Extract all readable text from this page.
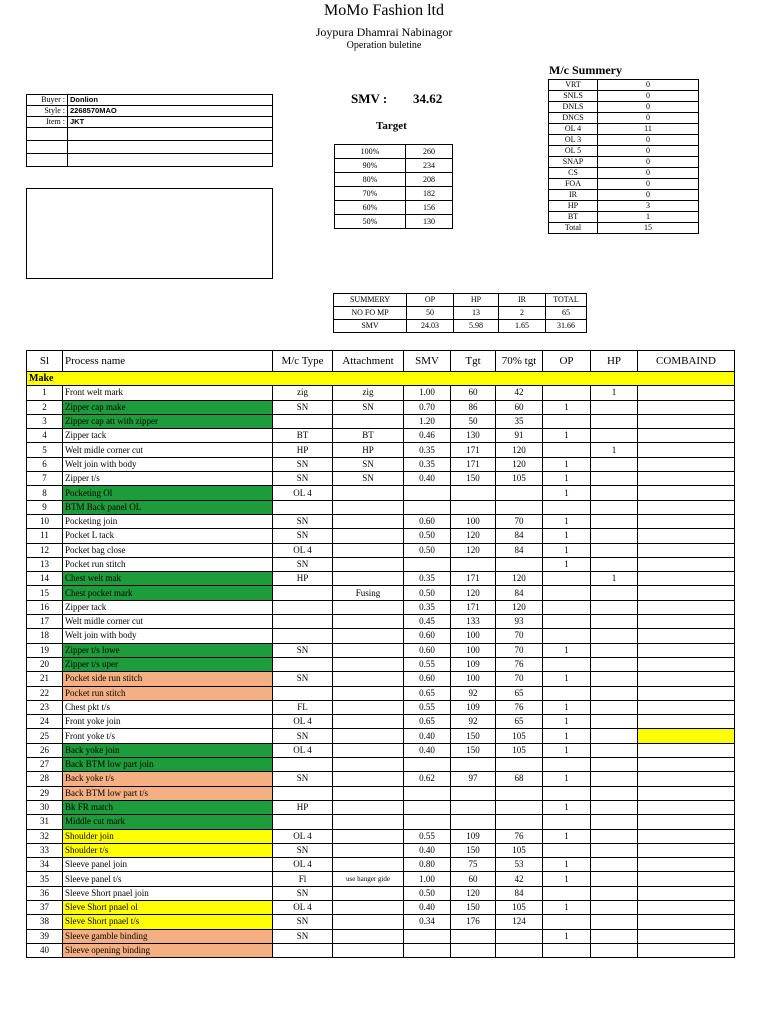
MoMo Fashion ltd
Joypura Dhamrai Nabinagor
Operation buletine
Buyer :	Donlion
Style :	2268570MAO
Item :	JKT

SMV : 34.62
Target
100%	260
90%	234
80%	208
70%	182
60%	156
50%	130
M/c Summery
VRT	0
SNLS	0
DNLS	0
DNCS	0
OL 4	11
OL 3	0
OL 5	0
SNAP	0
CS	0
FOA	0
IR	0
HP	3
BT	1
Total	15
SUMMERY	OP	HP	IR	TOTAL
NO FO MP	50	13	2	65
SMV	24.03	5.98	1.65	31.66
Sl	Process name	M/c Type	Attachment	SMV	Tgt	70% tgt	OP	HP	COMBAIND
Make									
1	Front welt mark	zig	zig	1.00	60	42		1	
2	Zipper cap make	SN	SN	0.70	86	60	1		
3	Zipper cap att with zipper			1.20	50	35			
4	Zipper tack	BT	BT	0.46	130	91	1		
5	Welt midle corner cut	HP	HP	0.35	171	120		1	
6	Welt join with body	SN	SN	0.35	171	120	1		
7	Zipper t/s	SN	SN	0.40	150	105	1		
8	Pocketing Ol	OL 4					1		
9	BTM Back panel OL								
10	Pocketing join	SN		0.60	100	70	1		
11	Pocket L tack	SN		0.50	120	84	1		
12	Pocket bag close	OL 4		0.50	120	84	1		
13	Pocket run stitch	SN					1		
14	Chest welt mak	HP		0.35	171	120		1	
15	Chest pocket mark		Fusing	0.50	120	84			
16	Zipper tack			0.35	171	120			
17	Welt midle corner cut			0.45	133	93			
18	Welt join with body			0.60	100	70			
19	Zipper t/s lowe	SN		0.60	100	70	1		
20	Zipper t/s uper			0.55	109	76			
21	Pocket side run stitch	SN		0.60	100	70	1		
22	Pocket run stitch			0.65	92	65			
23	Chest pkt t/s	FL		0.55	109	76	1		
24	Front yoke join	OL 4		0.65	92	65	1		
25	Front yoke t/s	SN		0.40	150	105	1		
26	Back yoke join	OL 4		0.40	150	105	1		
27	Back BTM low part join								
28	Back yoke t/s	SN		0.62	97	68	1		
29	Back BTM low part t/s								
30	Bk FR match	HP					1		
31	Middle cut mark								
32	Shoulder join	OL 4		0.55	109	76	1		
33	Shoulder t/s	SN		0.40	150	105			
34	Sleeve panel join	OL 4		0.80	75	53	1		
35	Sleeve panel t/s	Fl	use hanger gide	1.00	60	42	1		
36	Sleeve Short pnael join	SN		0.50	120	84			
37	Sleve Short pnael ol	OL 4		0.40	150	105	1		
38	Sleve Short pnael t/s	SN		0.34	176	124			
39	Sleeve gamble binding	SN					1		
40	Sleeve opening binding								
